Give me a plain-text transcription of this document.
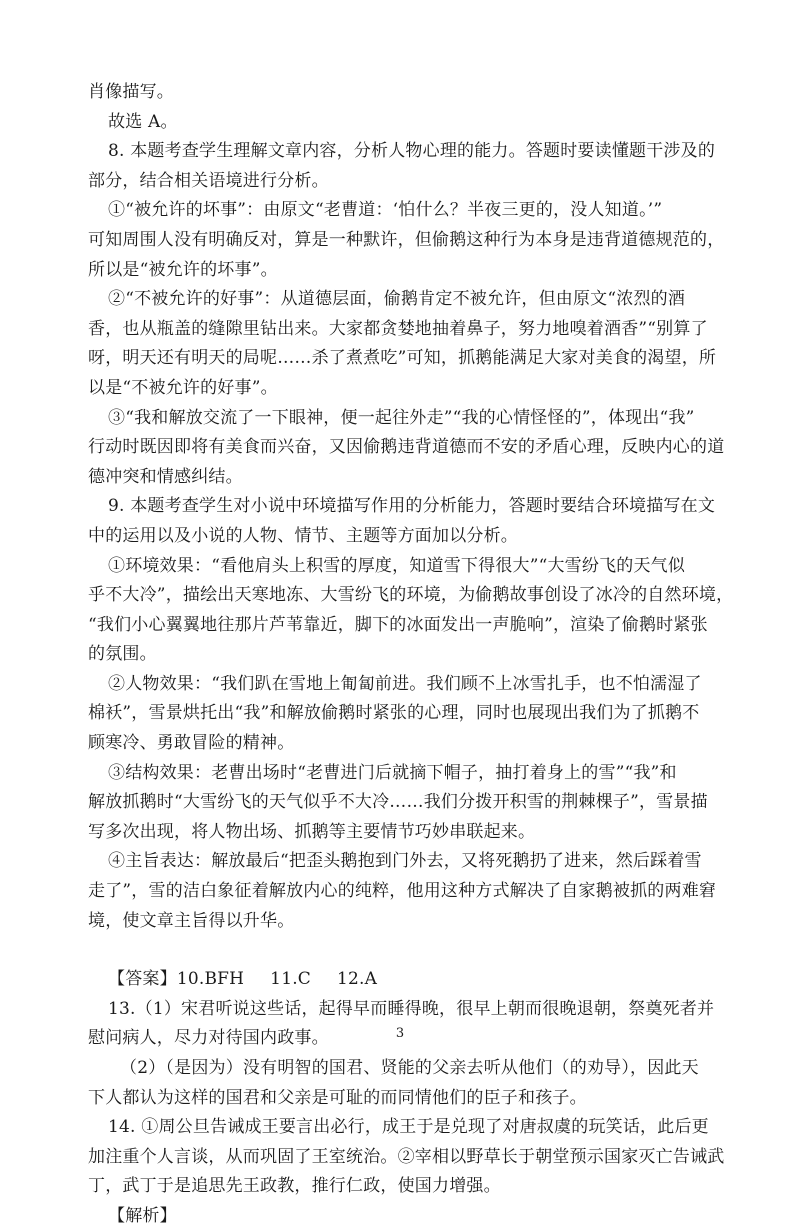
肖像描写。
故选 A。
8. 本题考查学生理解文章内容，分析人物心理的能力。答题时要读懂题干涉及的
部分，结合相关语境进行分析。
①“被允许的坏事”：由原文“老曹道：‘怕什么？半夜三更的，没人知道。’”
可知周围人没有明确反对，算是一种默许，但偷鹅这种行为本身是违背道德规范的，
所以是“被允许的坏事”。
②“不被允许的好事”：从道德层面，偷鹅肯定不被允许，但由原文“浓烈的酒
香，也从瓶盖的缝隙里钻出来。大家都贪婪地抽着鼻子，努力地嗅着酒香”“别算了
呀，明天还有明天的局呢……杀了煮煮吃”可知，抓鹅能满足大家对美食的渴望，所
以是“不被允许的好事”。
③“我和解放交流了一下眼神，便一起往外走”“我的心情怪怪的”，体现出“我”
行动时既因即将有美食而兴奋，又因偷鹅违背道德而不安的矛盾心理，反映内心的道
德冲突和情感纠结。
9. 本题考查学生对小说中环境描写作用的分析能力，答题时要结合环境描写在文
中的运用以及小说的人物、情节、主题等方面加以分析。
①环境效果：“看他肩头上积雪的厚度，知道雪下得很大”“大雪纷飞的天气似
乎不大冷”，描绘出天寒地冻、大雪纷飞的环境，为偷鹅故事创设了冰冷的自然环境，
“我们小心翼翼地往那片芦苇靠近，脚下的冰面发出一声脆响”，渲染了偷鹅时紧张
的氛围。
②人物效果：“我们趴在雪地上匍匐前进。我们顾不上冰雪扎手，也不怕濡湿了
棉袄”，雪景烘托出“我”和解放偷鹅时紧张的心理，同时也展现出我们为了抓鹅不
顾寒冷、勇敢冒险的精神。
③结构效果：老曹出场时“老曹进门后就摘下帽子，抽打着身上的雪”“我”和
解放抓鹅时“大雪纷飞的天气似乎不大冷……我们分拨开积雪的荆棘棵子”，雪景描
写多次出现，将人物出场、抓鹅等主要情节巧妙串联起来。
④主旨表达：解放最后“把歪头鹅抱到门外去，又将死鹅扔了进来，然后踩着雪
走了”，雪的洁白象征着解放内心的纯粹，他用这种方式解决了自家鹅被抓的两难窘
境，使文章主旨得以升华。
【答案】10.BFH 11.C 12.A
13.（1）宋君听说这些话，起得早而睡得晚，很早上朝而很晚退朝，祭奠死者并
慰问病人，尽力对待国内政事。
（2）（是因为）没有明智的国君、贤能的父亲去听从他们（的劝导），因此天
下人都认为这样的国君和父亲是可耻的而同情他们的臣子和孩子。
14. ①周公旦告诫成王要言出必行，成王于是兑现了对唐叔虞的玩笑话，此后更
加注重个人言谈，从而巩固了王室统治。②宰相以野草长于朝堂预示国家灭亡告诫武
丁，武丁于是追思先王政教，推行仁政，使国力增强。
【解析】
3
